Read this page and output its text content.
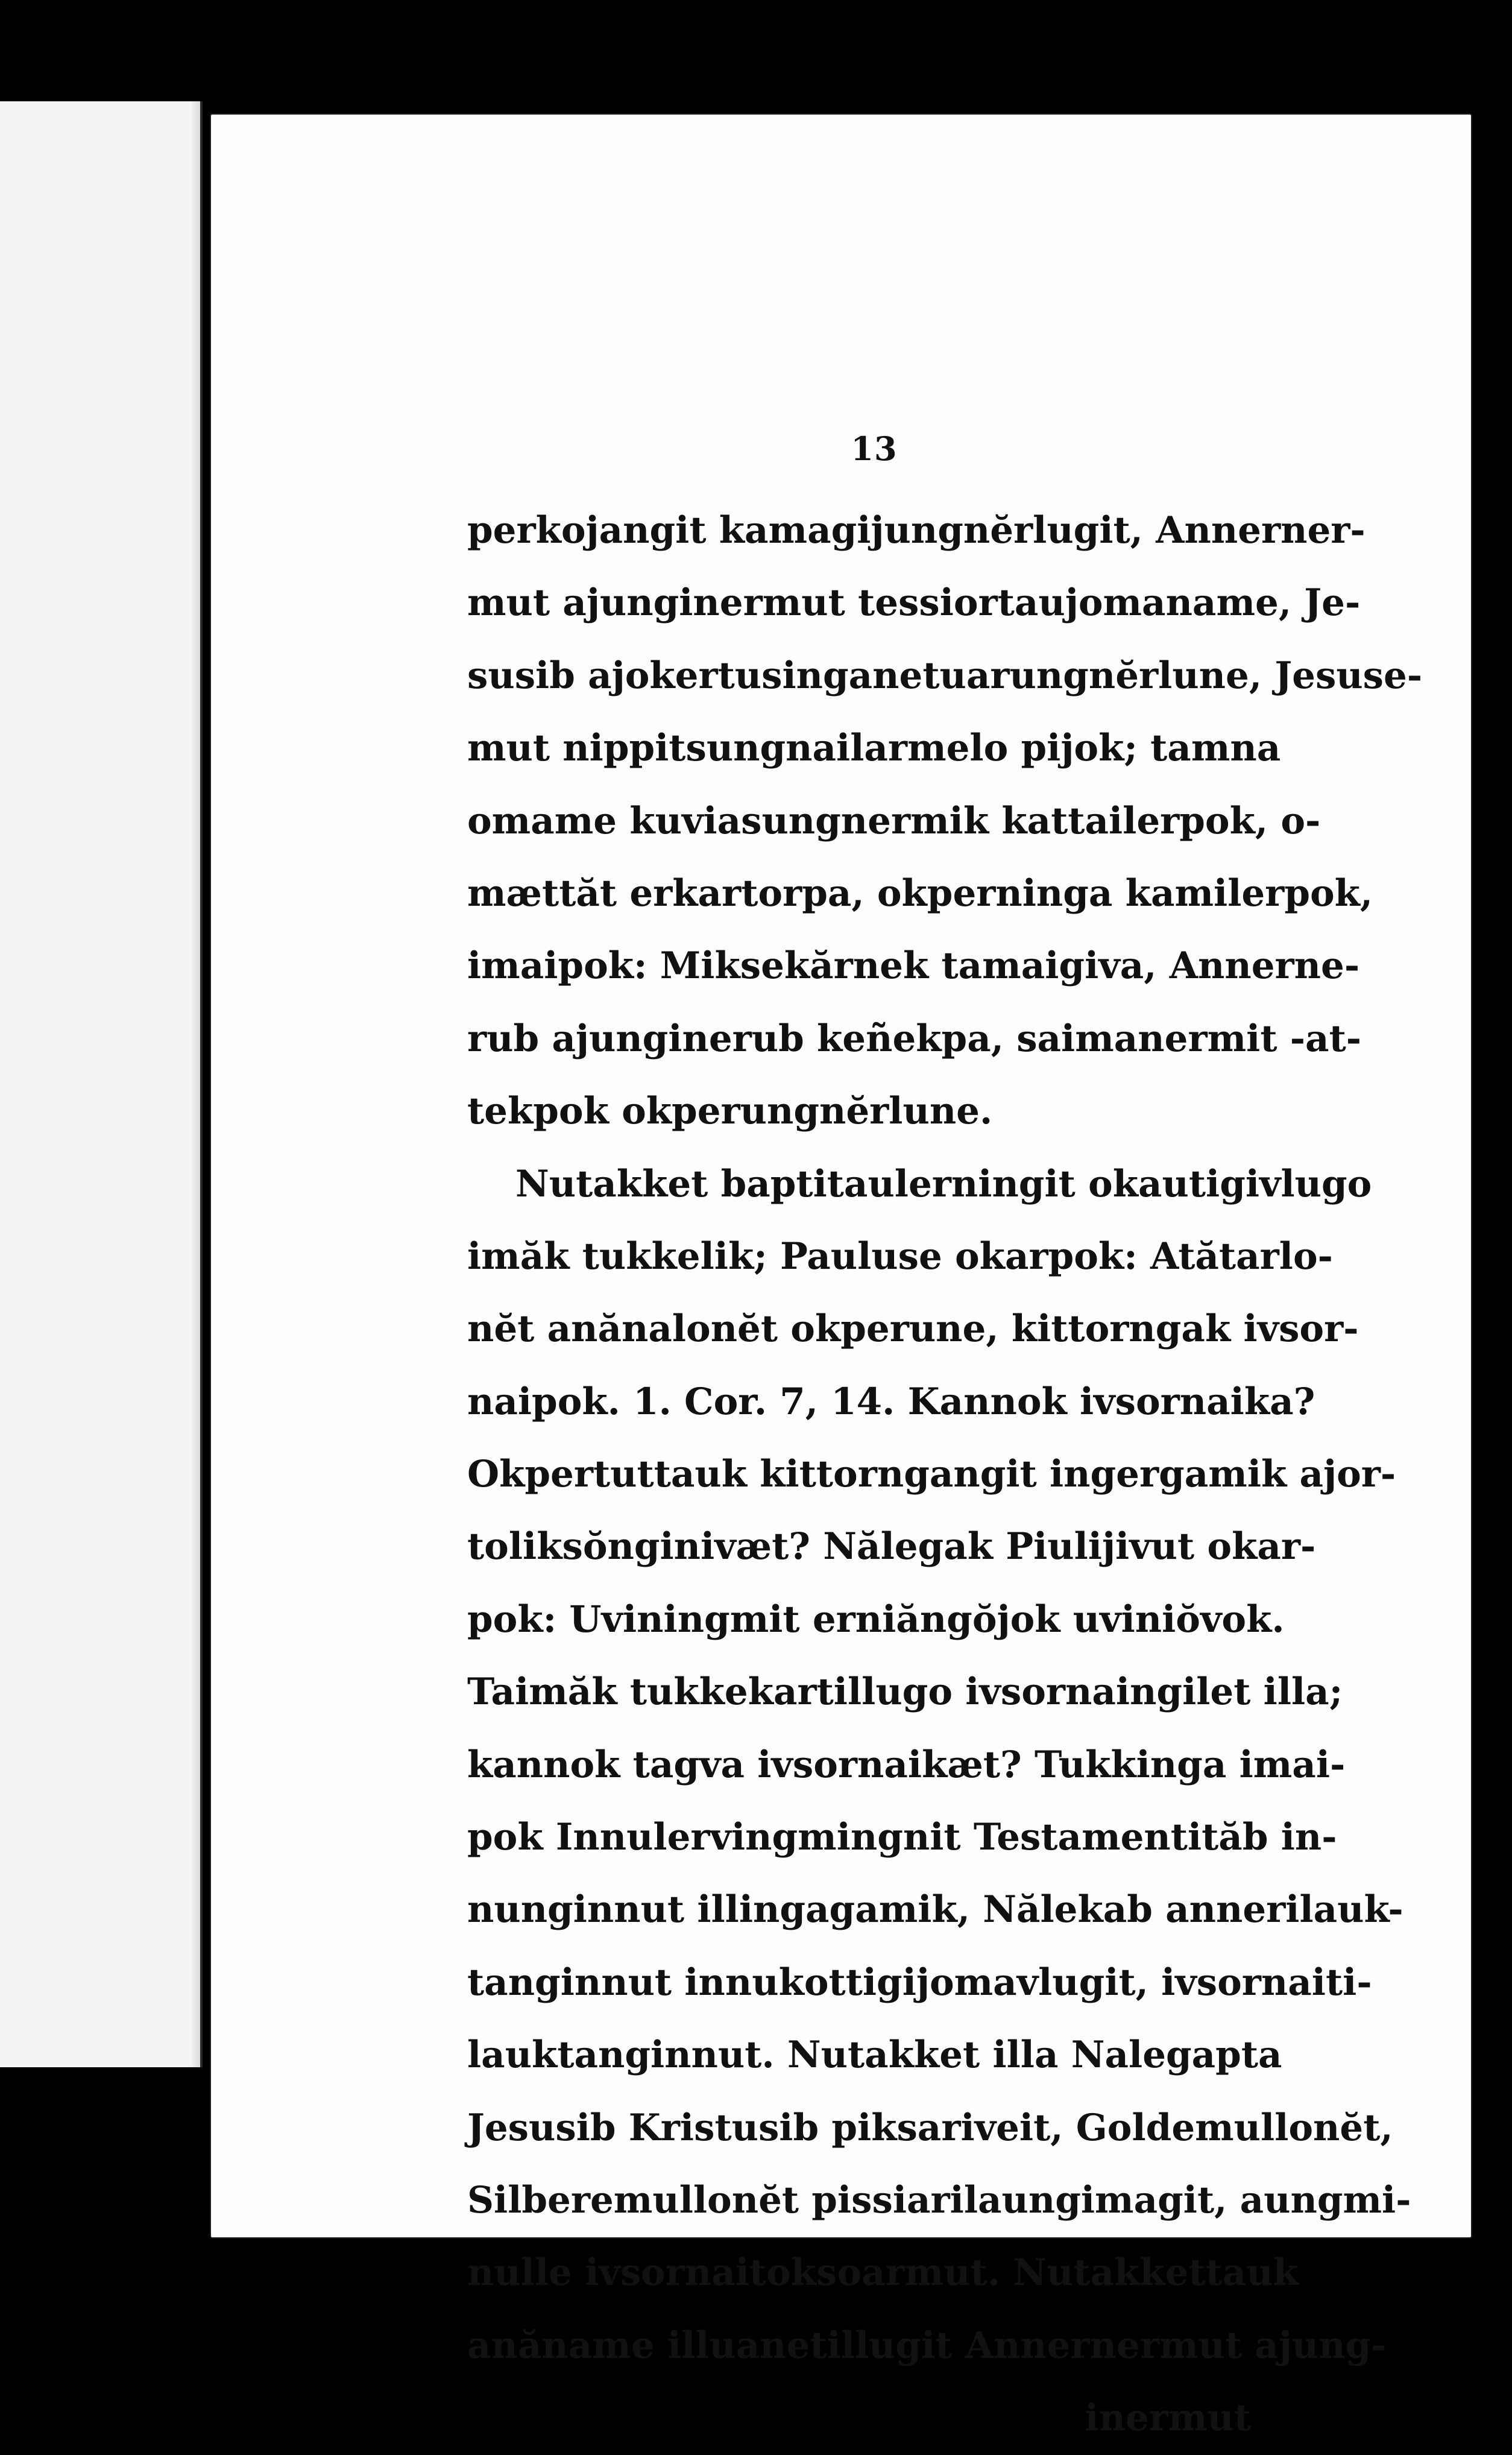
13
perkojangit kamagijungnĕrlugit, Annerner-
mut ajunginermut tessiortaujomaname, Je-
susib ajokertusinganetuarungnĕrlune, Jesuse-
mut nippitsungnailarmelo pijok; tamna
omame kuviasungnermik kattailerpok, o-
mættăt erkartorpa, okperninga kamilerpok,
imaipok: Miksekărnek tamaigiva, Annerne-
rub ajunginerub keñekpa, saimanermit ‑at-
tekpok okperungnĕrlune.
Nutakket baptitaulerningit okautigivlugo
imăk tukkelik; Pauluse okarpok: Atătarlo-
nĕt anănalonĕt okperune, kittorngak ivsor-
naipok. 1. Cor. 7, 14. Kannok ivsornaika?
Okpertuttauk kittorngangit ingergamik ajor-
toliksŏnginivæt? Nălegak Piulijivut okar-
pok: Uviningmit erniăngŏjok uviniŏvok.
Taimăk tukkekartillugo ivsornaingilet illa;
kannok tagva ivsornaikæt? Tukkinga imai-
pok Innulervingmingnit Testamentităb in-
nunginnut illingagamik, Nălekab annerilauk-
tanginnut innukottigijomavlugit, ivsornaiti-
lauktanginnut. Nutakket illa Nalegapta
Jesusib Kristusib piksariveit, Goldemullonĕt,
Silberemullonĕt pissiarilaungimagit, aungmi-
nulle ivsornaitoksoarmut. Nutakkettauk
anăname illuanetillugit Annernermut ajung-
inermut
